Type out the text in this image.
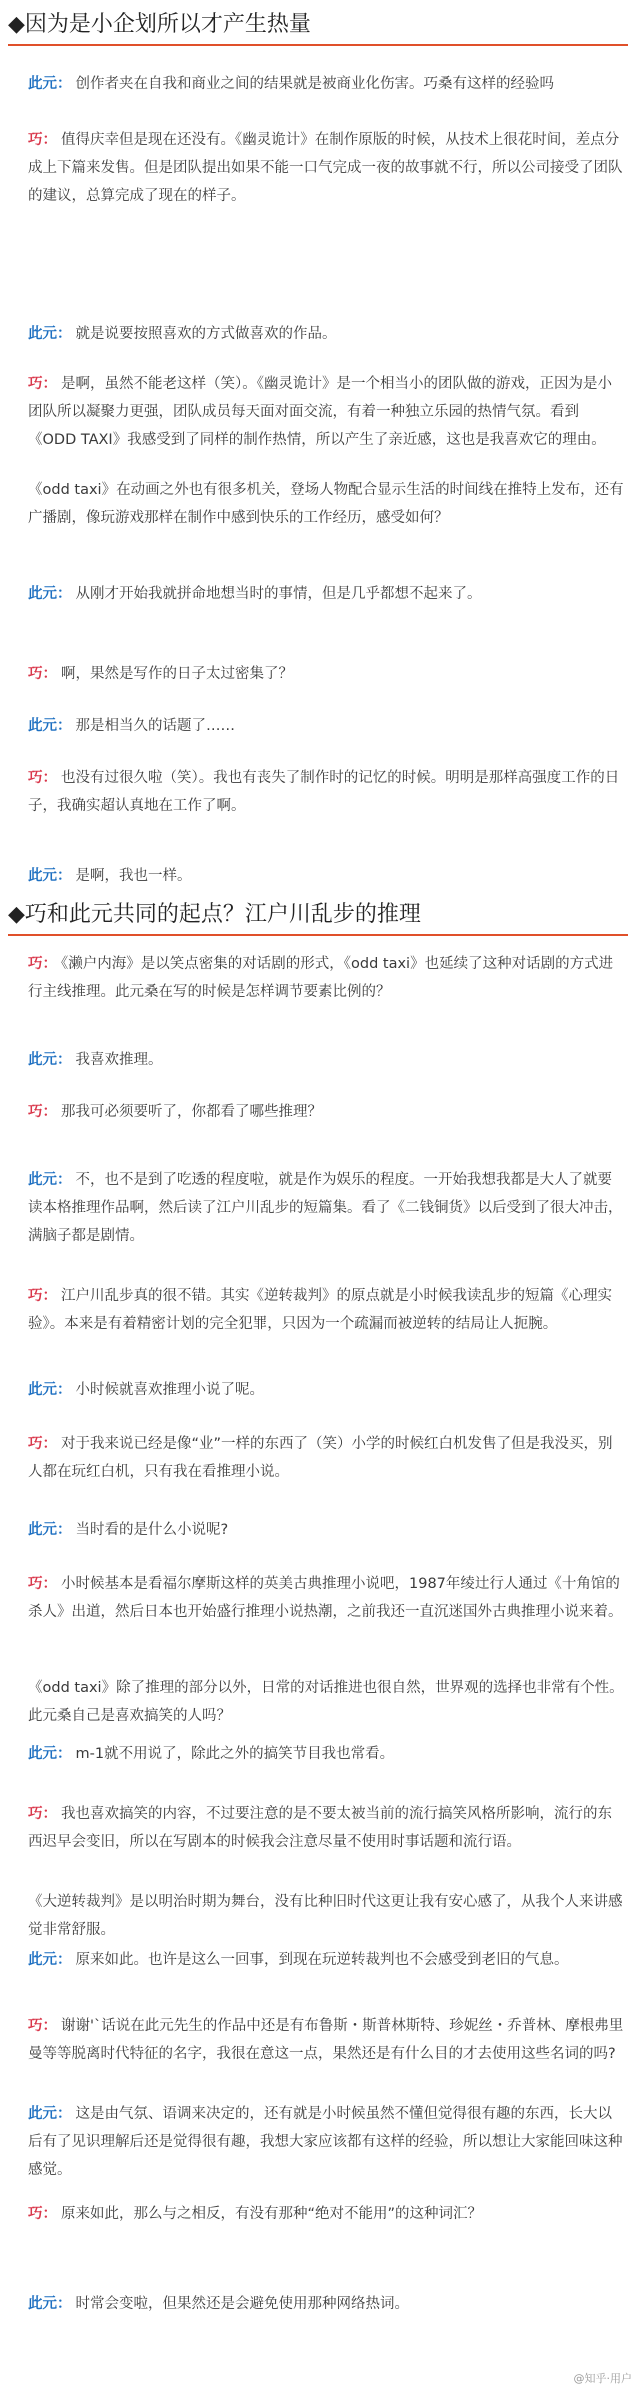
◆因为是小企划所以才产生热量
此元： 创作者夹在自我和商业之间的结果就是被商业化伤害。巧桑有这样的经验吗
巧： 值得庆幸但是现在还没有。《幽灵诡计》在制作原版的时候，从技术上很花时间，差点分成上下篇来发售。但是团队提出如果不能一口气完成一夜的故事就不行，所以公司接受了团队的建议，总算完成了现在的样子。
此元： 就是说要按照喜欢的方式做喜欢的作品。
巧： 是啊，虽然不能老这样（笑）。《幽灵诡计》是一个相当小的团队做的游戏，正因为是小团队所以凝聚力更强，团队成员每天面对面交流，有着一种独立乐园的热情气氛。看到《ODD TAXI》我感受到了同样的制作热情，所以产生了亲近感，这也是我喜欢它的理由。
《odd taxi》在动画之外也有很多机关，登场人物配合显示生活的时间线在推特上发布，还有广播剧，像玩游戏那样在制作中感到快乐的工作经历，感受如何？
此元： 从刚才开始我就拼命地想当时的事情，但是几乎都想不起来了。
巧： 啊，果然是写作的日子太过密集了？
此元： 那是相当久的话题了……
巧： 也没有过很久啦（笑）。我也有丧失了制作时的记忆的时候。明明是那样高强度工作的日子，我确实超认真地在工作了啊。
此元： 是啊，我也一样。
巧： 《濑户内海》是以笑点密集的对话剧的形式，《odd taxi》也延续了这种对话剧的方式进行主线推理。此元桑在写的时候是怎样调节要素比例的？
此元： 我喜欢推理。
巧： 那我可必须要听了，你都看了哪些推理？
此元： 不，也不是到了吃透的程度啦，就是作为娱乐的程度。一开始我想我都是大人了就要读本格推理作品啊，然后读了江户川乱步的短篇集。看了《二钱铜货》以后受到了很大冲击，满脑子都是剧情。
巧： 江户川乱步真的很不错。其实《逆转裁判》的原点就是小时候我读乱步的短篇《心理实验》。本来是有着精密计划的完全犯罪，只因为一个疏漏而被逆转的结局让人扼腕。
此元： 小时候就喜欢推理小说了呢。
巧： 对于我来说已经是像“业”一样的东西了（笑）小学的时候红白机发售了但是我没买，别人都在玩红白机，只有我在看推理小说。
此元： 当时看的是什么小说呢?
巧： 小时候基本是看福尔摩斯这样的英美古典推理小说吧，1987年绫辻行人通过《十角馆的杀人》出道，然后日本也开始盛行推理小说热潮，之前我还一直沉迷国外古典推理小说来着。
《odd taxi》除了推理的部分以外，日常的对话推进也很自然，世界观的选择也非常有个性。此元桑自己是喜欢搞笑的人吗？
此元： m-1就不用说了，除此之外的搞笑节目我也常看。
巧： 我也喜欢搞笑的内容，不过要注意的是不要太被当前的流行搞笑风格所影响，流行的东西迟早会变旧，所以在写剧本的时候我会注意尽量不使用时事话题和流行语。
《大逆转裁判》是以明治时期为舞台，没有比种旧时代这更让我有安心感了，从我个人来讲感觉非常舒服。
此元： 原来如此。也许是这么一回事，到现在玩逆转裁判也不会感受到老旧的气息。
巧： 谢谢'`话说在此元先生的作品中还是有布鲁斯・斯普林斯特、珍妮丝・乔普林、摩根弗里曼等等脱离时代特征的名字，我很在意这一点，果然还是有什么目的才去使用这些名词的吗?
此元： 这是由气氛、语调来决定的，还有就是小时候虽然不懂但觉得很有趣的东西，长大以后有了见识理解后还是觉得很有趣，我想大家应该都有这样的经验，所以想让大家能回味这种感觉。
巧： 原来如此，那么与之相反，有没有那种“绝对不能用”的这种词汇？
此元： 时常会变啦，但果然还是会避免使用那种网络热词。
◆巧和此元共同的起点？江户川乱步的推理
@知乎·用户
